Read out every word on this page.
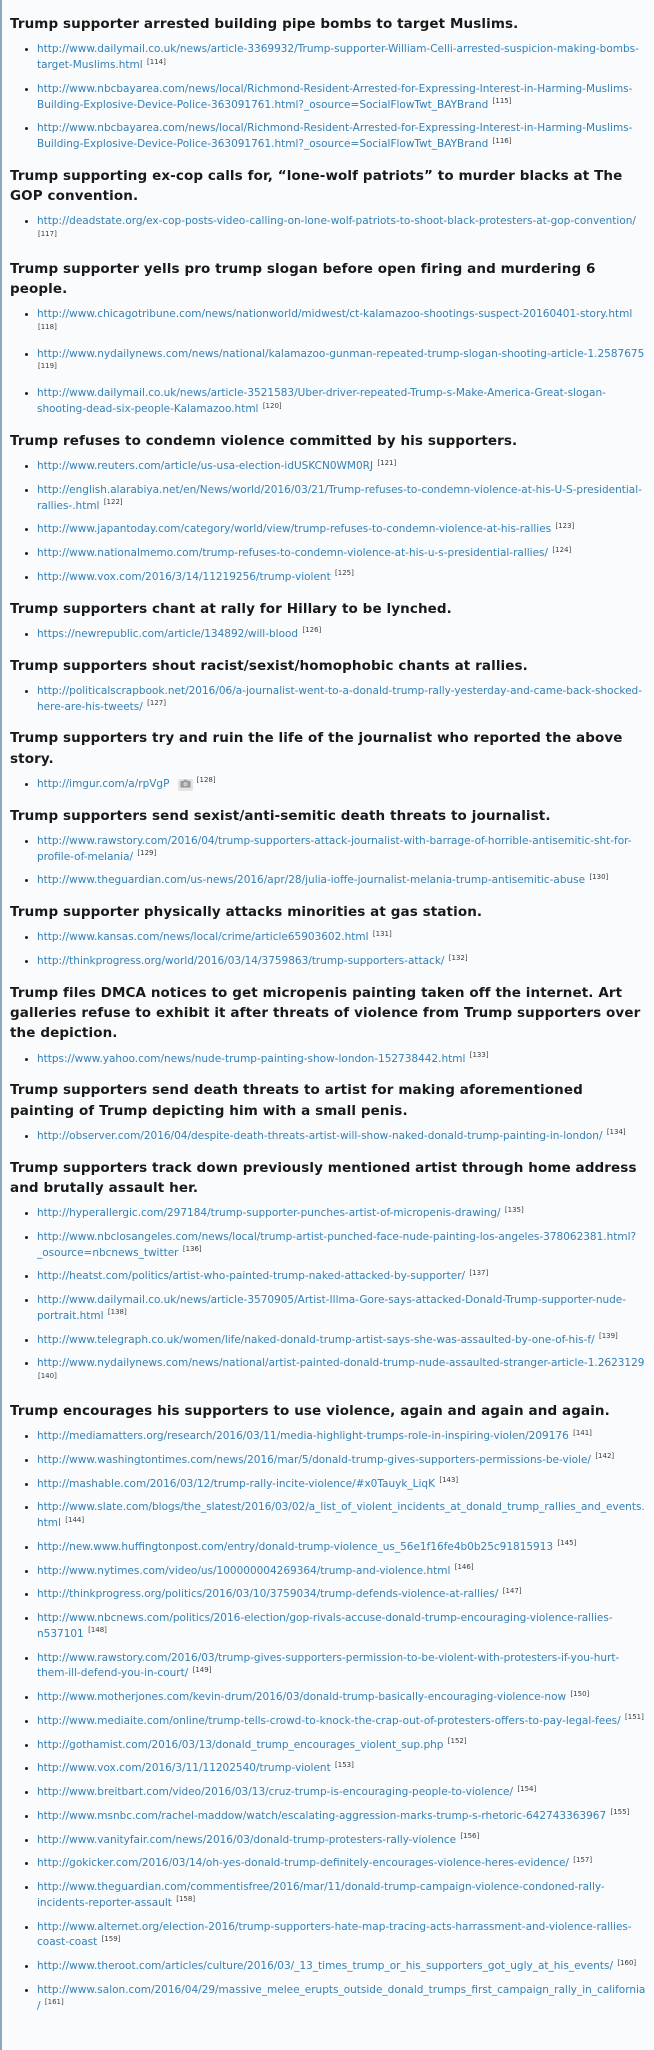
Trump supporter arrested building pipe bombs to target Muslims.
• http://www.dailymail.co.uk/news/article-3369932/Trump-supporter-William-Celli-arrested-suspicion-making-bombs-target-Muslims.html [114]
• http://www.nbcbayarea.com/news/local/Richmond-Resident-Arrested-for-Expressing-Interest-in-Harming-Muslims-Building-Explosive-Device-Police-363091761.html?_osource=SocialFlowTwt_BAYBrand [115]
• http://www.nbcbayarea.com/news/local/Richmond-Resident-Arrested-for-Expressing-Interest-in-Harming-Muslims-Building-Explosive-Device-Police-363091761.html?_osource=SocialFlowTwt_BAYBrand [116]
Trump supporting ex-cop calls for, “lone-wolf patriots” to murder blacks at The GOP convention.
• http://deadstate.org/ex-cop-posts-video-calling-on-lone-wolf-patriots-to-shoot-black-protesters-at-gop-convention/ [117]
Trump supporter yells pro trump slogan before open firing and murdering 6 people.
• http://www.chicagotribune.com/news/nationworld/midwest/ct-kalamazoo-shootings-suspect-20160401-story.html [118]
• http://www.nydailynews.com/news/national/kalamazoo-gunman-repeated-trump-slogan-shooting-article-1.2587675 [119]
• http://www.dailymail.co.uk/news/article-3521583/Uber-driver-repeated-Trump-s-Make-America-Great-slogan-shooting-dead-six-people-Kalamazoo.html [120]
Trump refuses to condemn violence committed by his supporters.
• http://www.reuters.com/article/us-usa-election-idUSKCN0WM0RJ [121]
• http://english.alarabiya.net/en/News/world/2016/03/21/Trump-refuses-to-condemn-violence-at-his-U-S-presidential-rallies-.html [122]
• http://www.japantoday.com/category/world/view/trump-refuses-to-condemn-violence-at-his-rallies [123]
• http://www.nationalmemo.com/trump-refuses-to-condemn-violence-at-his-u-s-presidential-rallies/ [124]
• http://www.vox.com/2016/3/14/11219256/trump-violent [125]
Trump supporters chant at rally for Hillary to be lynched.
• https://newrepublic.com/article/134892/will-blood [126]
Trump supporters shout racist/sexist/homophobic chants at rallies.
• http://politicalscrapbook.net/2016/06/a-journalist-went-to-a-donald-trump-rally-yesterday-and-came-back-shocked-here-are-his-tweets/ [127]
Trump supporters try and ruin the life of the journalist who reported the above story.
• http://imgur.com/a/rpVgP	[128]
Trump supporters send sexist/anti-semitic death threats to journalist.
• http://www.rawstory.com/2016/04/trump-supporters-attack-journalist-with-barrage-of-horrible-antisemitic-sht-for-profile-of-melania/ [129]
• http://www.theguardian.com/us-news/2016/apr/28/julia-ioffe-journalist-melania-trump-antisemitic-abuse [130]
Trump supporter physically attacks minorities at gas station.
• http://www.kansas.com/news/local/crime/article65903602.html [131]
• http://thinkprogress.org/world/2016/03/14/3759863/trump-supporters-attack/ [132]
Trump files DMCA notices to get micropenis painting taken off the internet. Art galleries refuse to exhibit it after threats of violence from Trump supporters over the depiction.
• https://www.yahoo.com/news/nude-trump-painting-show-london-152738442.html [133]
Trump supporters send death threats to artist for making aforementioned painting of Trump depicting him with a small penis.
• http://observer.com/2016/04/despite-death-threats-artist-will-show-naked-donald-trump-painting-in-london/ [134]
Trump supporters track down previously mentioned artist through home address and brutally assault her.
• http://hyperallergic.com/297184/trump-supporter-punches-artist-of-micropenis-drawing/ [135]
• http://www.nbclosangeles.com/news/local/trump-artist-punched-face-nude-painting-los-angeles-378062381.html?_osource=nbcnews_twitter [136]
• http://heatst.com/politics/artist-who-painted-trump-naked-attacked-by-supporter/ [137]
• http://www.dailymail.co.uk/news/article-3570905/Artist-Illma-Gore-says-attacked-Donald-Trump-supporter-nude-portrait.html [138]
• http://www.telegraph.co.uk/women/life/naked-donald-trump-artist-says-she-was-assaulted-by-one-of-his-f/ [139]
• http://www.nydailynews.com/news/national/artist-painted-donald-trump-nude-assaulted-stranger-article-1.2623129 [140]
Trump encourages his supporters to use violence, again and again and again.
• http://mediamatters.org/research/2016/03/11/media-highlight-trumps-role-in-inspiring-violen/209176 [141]
• http://www.washingtontimes.com/news/2016/mar/5/donald-trump-gives-supporters-permissions-be-viole/ [142]
• http://mashable.com/2016/03/12/trump-rally-incite-violence/#x0Tauyk_LiqK [143]
• http://www.slate.com/blogs/the_slatest/2016/03/02/a_list_of_violent_incidents_at_donald_trump_rallies_and_events.html [144]
• http://new.www.huffingtonpost.com/entry/donald-trump-violence_us_56e1f16fe4b0b25c91815913 [145]
• http://www.nytimes.com/video/us/100000004269364/trump-and-violence.html [146]
• http://thinkprogress.org/politics/2016/03/10/3759034/trump-defends-violence-at-rallies/ [147]
• http://www.nbcnews.com/politics/2016-election/gop-rivals-accuse-donald-trump-encouraging-violence-rallies-n537101 [148]
• http://www.rawstory.com/2016/03/trump-gives-supporters-permission-to-be-violent-with-protesters-if-you-hurt-them-ill-defend-you-in-court/ [149]
• http://www.motherjones.com/kevin-drum/2016/03/donald-trump-basically-encouraging-violence-now [150]
• http://www.mediaite.com/online/trump-tells-crowd-to-knock-the-crap-out-of-protesters-offers-to-pay-legal-fees/ [151]
• http://gothamist.com/2016/03/13/donald_trump_encourages_violent_sup.php [152]
• http://www.vox.com/2016/3/11/11202540/trump-violent [153]
• http://www.breitbart.com/video/2016/03/13/cruz-trump-is-encouraging-people-to-violence/ [154]
• http://www.msnbc.com/rachel-maddow/watch/escalating-aggression-marks-trump-s-rhetoric-642743363967 [155]
• http://www.vanityfair.com/news/2016/03/donald-trump-protesters-rally-violence [156]
• http://gokicker.com/2016/03/14/oh-yes-donald-trump-definitely-encourages-violence-heres-evidence/ [157]
• http://www.theguardian.com/commentisfree/2016/mar/11/donald-trump-campaign-violence-condoned-rally-incidents-reporter-assault [158]
• http://www.alternet.org/election-2016/trump-supporters-hate-map-tracing-acts-harrassment-and-violence-rallies-coast-coast [159]
• http://www.theroot.com/articles/culture/2016/03/_13_times_trump_or_his_supporters_got_ugly_at_his_events/ [160]
• http://www.salon.com/2016/04/29/massive_melee_erupts_outside_donald_trumps_first_campaign_rally_in_california/ [161]
